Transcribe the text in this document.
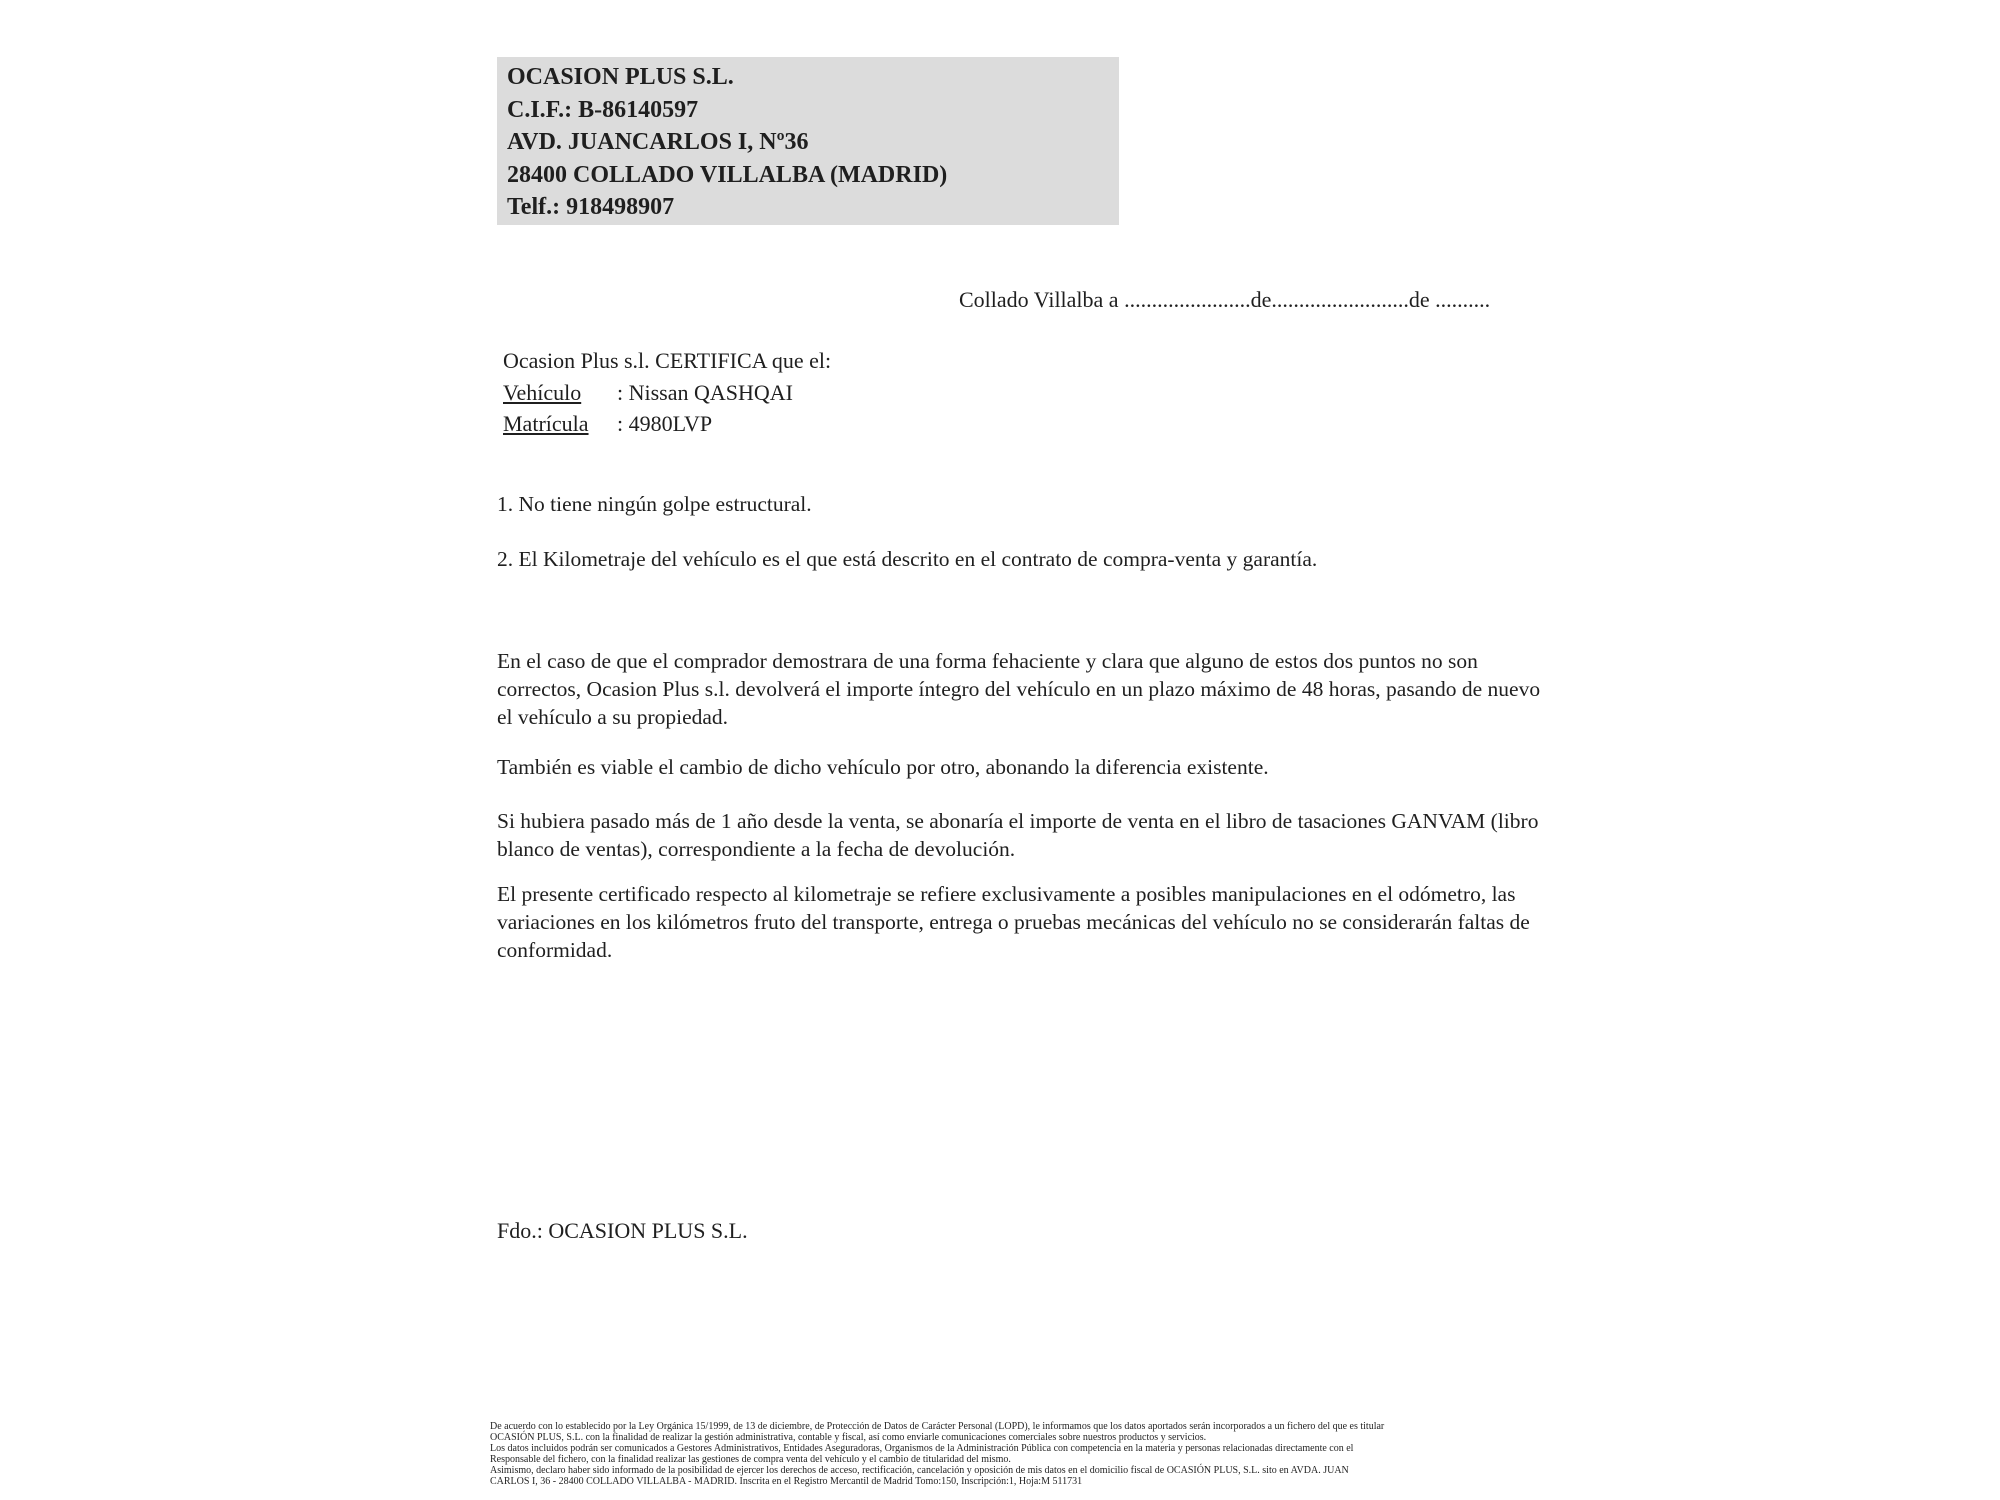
OCASION PLUS S.L.
C.I.F.: B-86140597
AVD. JUANCARLOS I, Nº36
28400 COLLADO VILLALBA (MADRID)
Telf.: 918498907
Collado Villalba a .......................de.........................de ..........
Ocasion Plus s.l. CERTIFICA que el:
Vehículo : Nissan QASHQAI
Matrícula : 4980LVP

1. No tiene ningún golpe estructural.

2. El Kilometraje del vehículo es el que está descrito en el contrato de compra-venta y garantía.

En el caso de que el comprador demostrara de una forma fehaciente y clara que alguno de estos dos puntos no son correctos, Ocasion Plus s.l. devolverá el importe íntegro del vehículo en un plazo máximo de 48 horas, pasando de nuevo el vehículo a su propiedad.

También es viable el cambio de dicho vehículo por otro, abonando la diferencia existente.

Si hubiera pasado más de 1 año desde la venta, se abonaría el importe de venta en el libro de tasaciones GANVAM (libro blanco de ventas), correspondiente a la fecha de devolución.

El presente certificado respecto al kilometraje se refiere exclusivamente a posibles manipulaciones en el odómetro, las variaciones en los kilómetros fruto del transporte, entrega o pruebas mecánicas del vehículo no se considerarán faltas de conformidad.

Fdo.: OCASION PLUS S.L.
De acuerdo con lo establecido por la Ley Orgánica 15/1999, de 13 de diciembre, de Protección de Datos de Carácter Personal (LOPD), le informamos que los datos aportados serán incorporados a un fichero del que es titular
OCASIÓN PLUS, S.L. con la finalidad de realizar la gestión administrativa, contable y fiscal, así como enviarle comunicaciones comerciales sobre nuestros productos y servicios.
Los datos incluidos podrán ser comunicados a Gestores Administrativos, Entidades Aseguradoras, Organismos de la Administración Pública con competencia en la materia y personas relacionadas directamente con el
Responsable del fichero, con la finalidad realizar las gestiones de compra venta del vehículo y el cambio de titularidad del mismo.
Asimismo, declaro haber sido informado de la posibilidad de ejercer los derechos de acceso, rectificación, cancelación y oposición de mis datos en el domicilio fiscal de OCASIÓN PLUS, S.L. sito en AVDA. JUAN
CARLOS I, 36 - 28400 COLLADO VILLALBA - MADRID. Inscrita en el Registro Mercantil de Madrid Tomo:150, Inscripción:1, Hoja:M 511731
